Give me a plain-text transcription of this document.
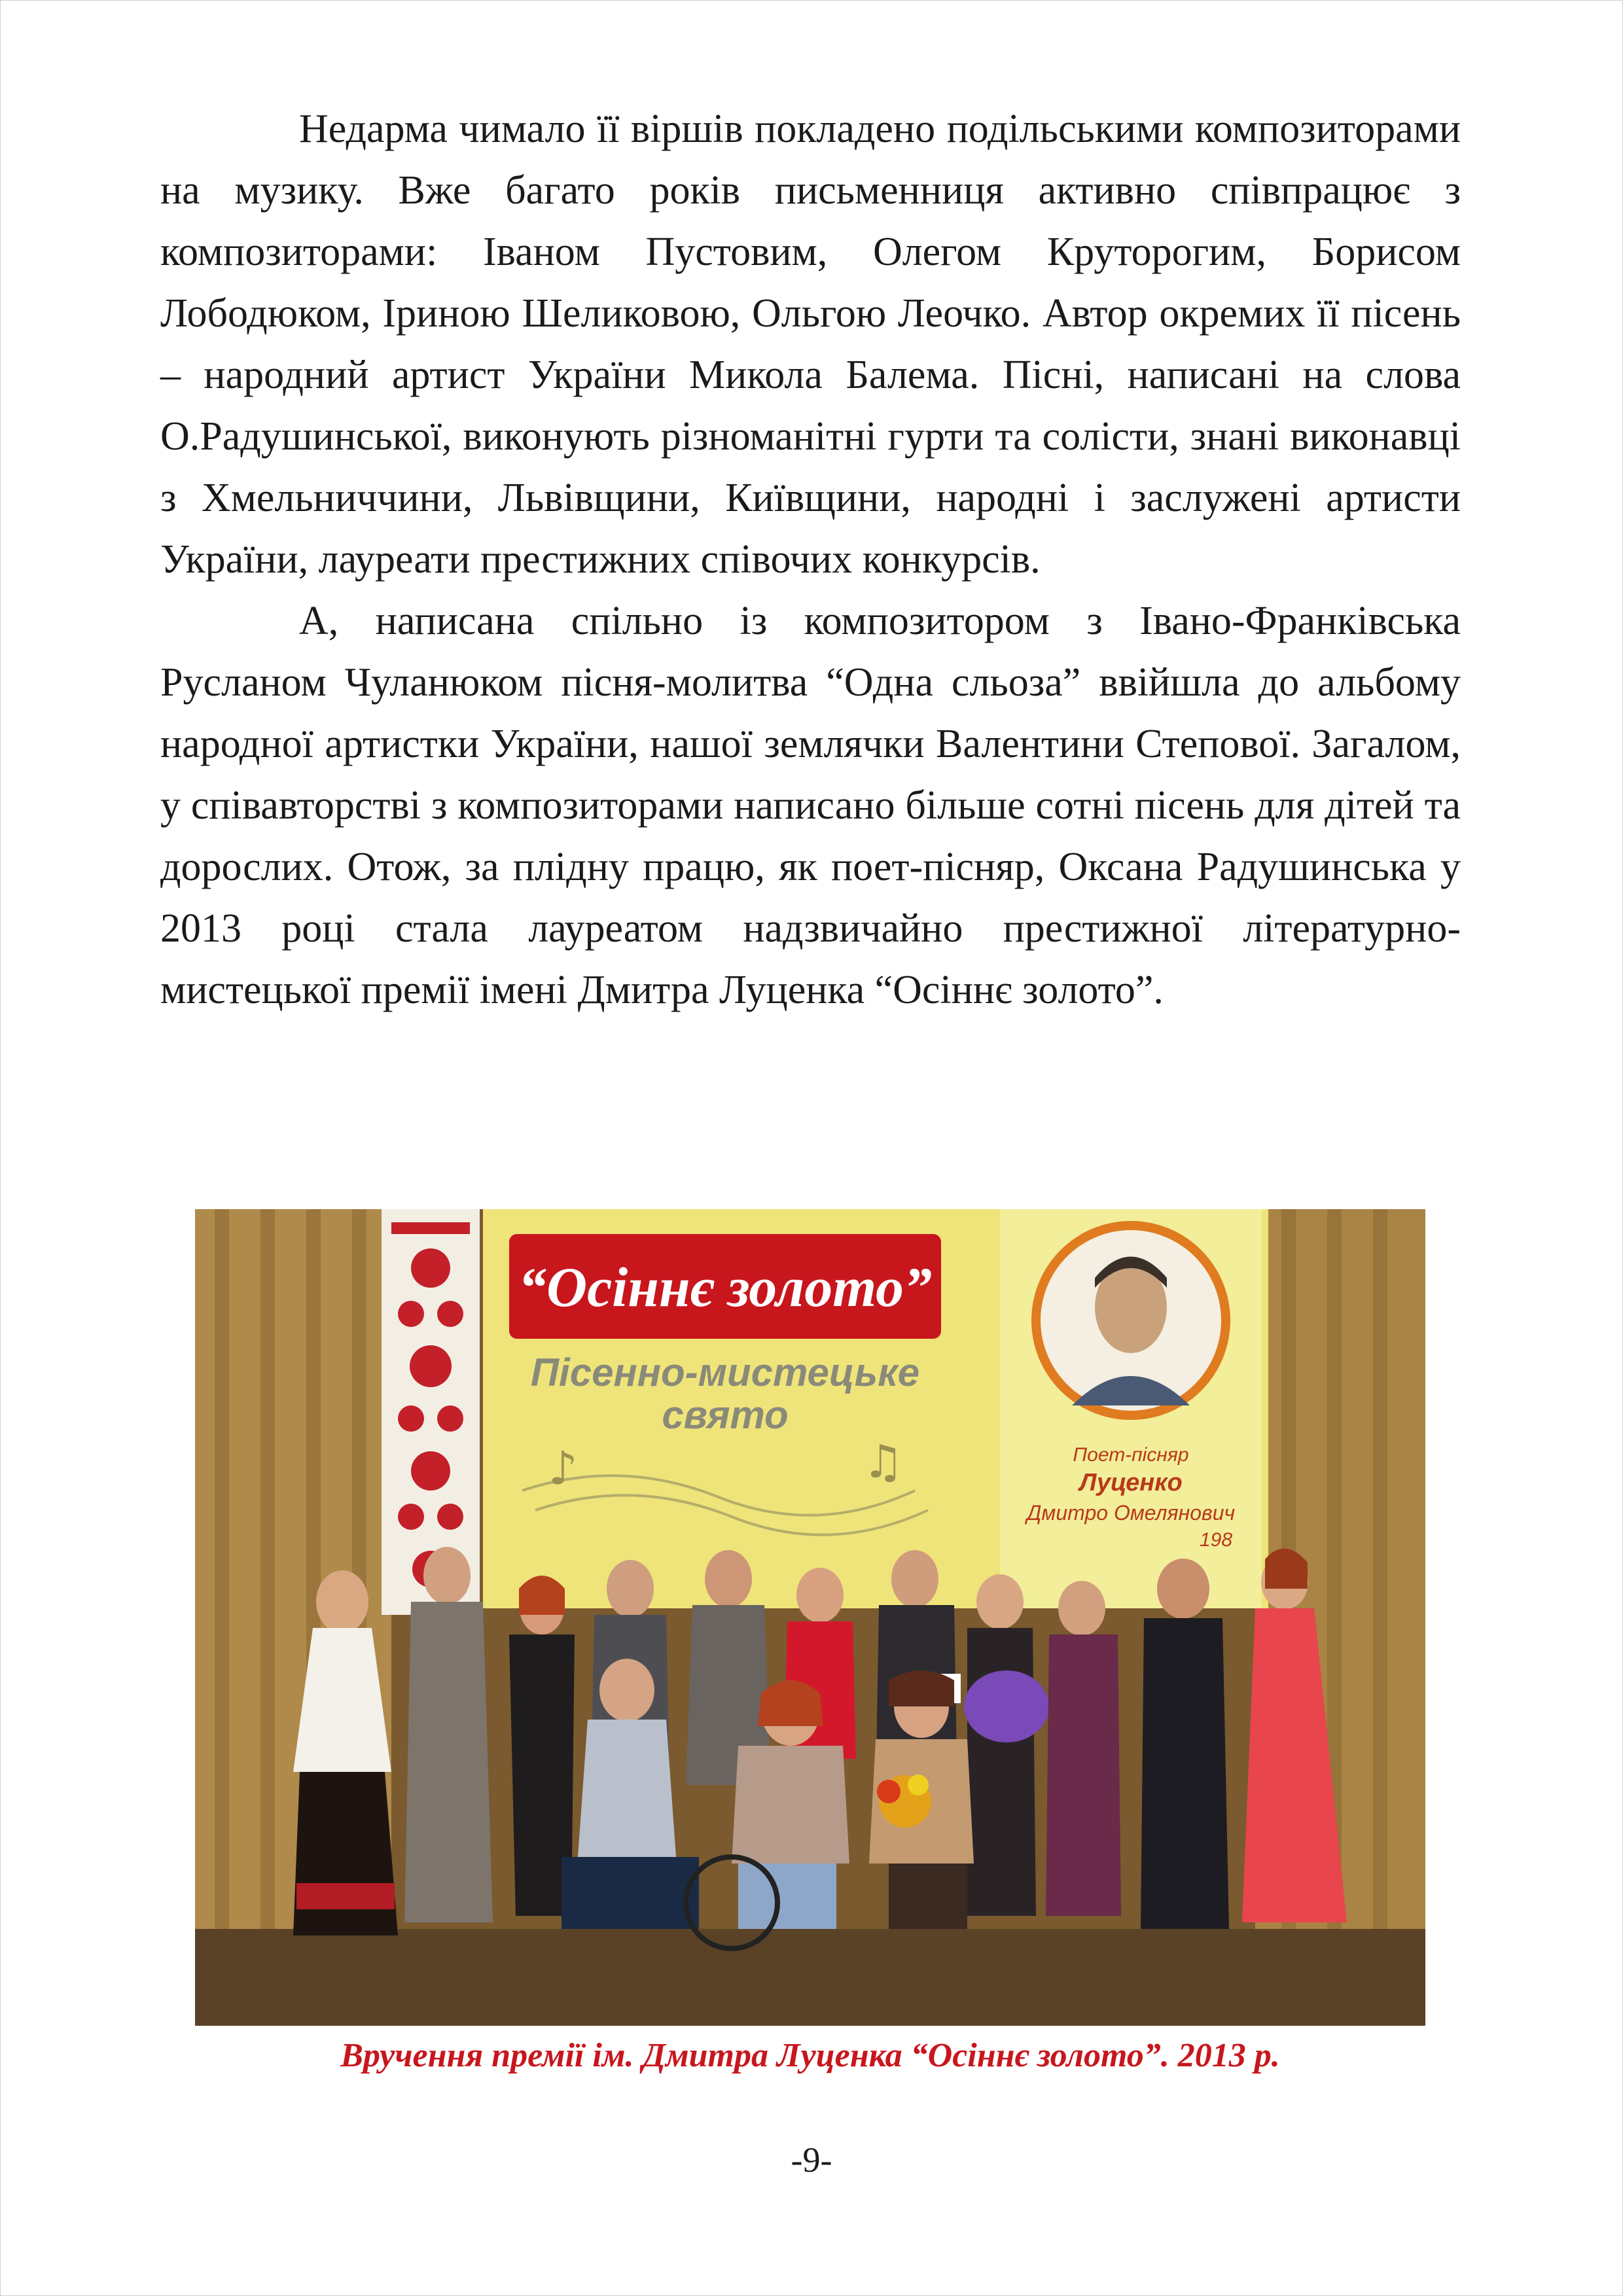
Недарма чимало її віршів покладено подільськими композиторами на музику. Вже багато років письменниця активно співпрацює з композиторами: Іваном Пустовим, Олегом Круторогим, Борисом Лободюком, Іриною Шеликовою, Ольгою Леочко. Автор окремих її пісень – народний артист України Микола Балема. Пісні, написані на слова О.Радушинської, виконують різноманітні гурти та солісти, знані виконавці з Хмельниччини, Львівщини, Київщини, народні і заслужені артисти України, лауреати престижних співочих конкурсів.

А, написана спільно із композитором з Івано-Франківська Русланом Чуланюком пісня-молитва “Одна сльоза” ввійшла до альбому народної артистки України, нашої землячки Валентини Степової. Загалом, у співавторстві з композиторами написано більше сотні пісень для дітей та дорослих. Отож, за плідну працю, як поет-пісняр, Оксана Радушинська у 2013 році стала лауреатом надзвичайно престижної літературно-мистецької премії імені Дмитра Луценка “Осіннє золото”.

“Осіннє золото”
Пісенно-мистецьке
свято
♪	♫	Поет-пісняр
Луценко
Дмитро Омелянович
198
Вручення премії ім. Дмитра Луценка “Осіннє золото”. 2013 р.
-9-
